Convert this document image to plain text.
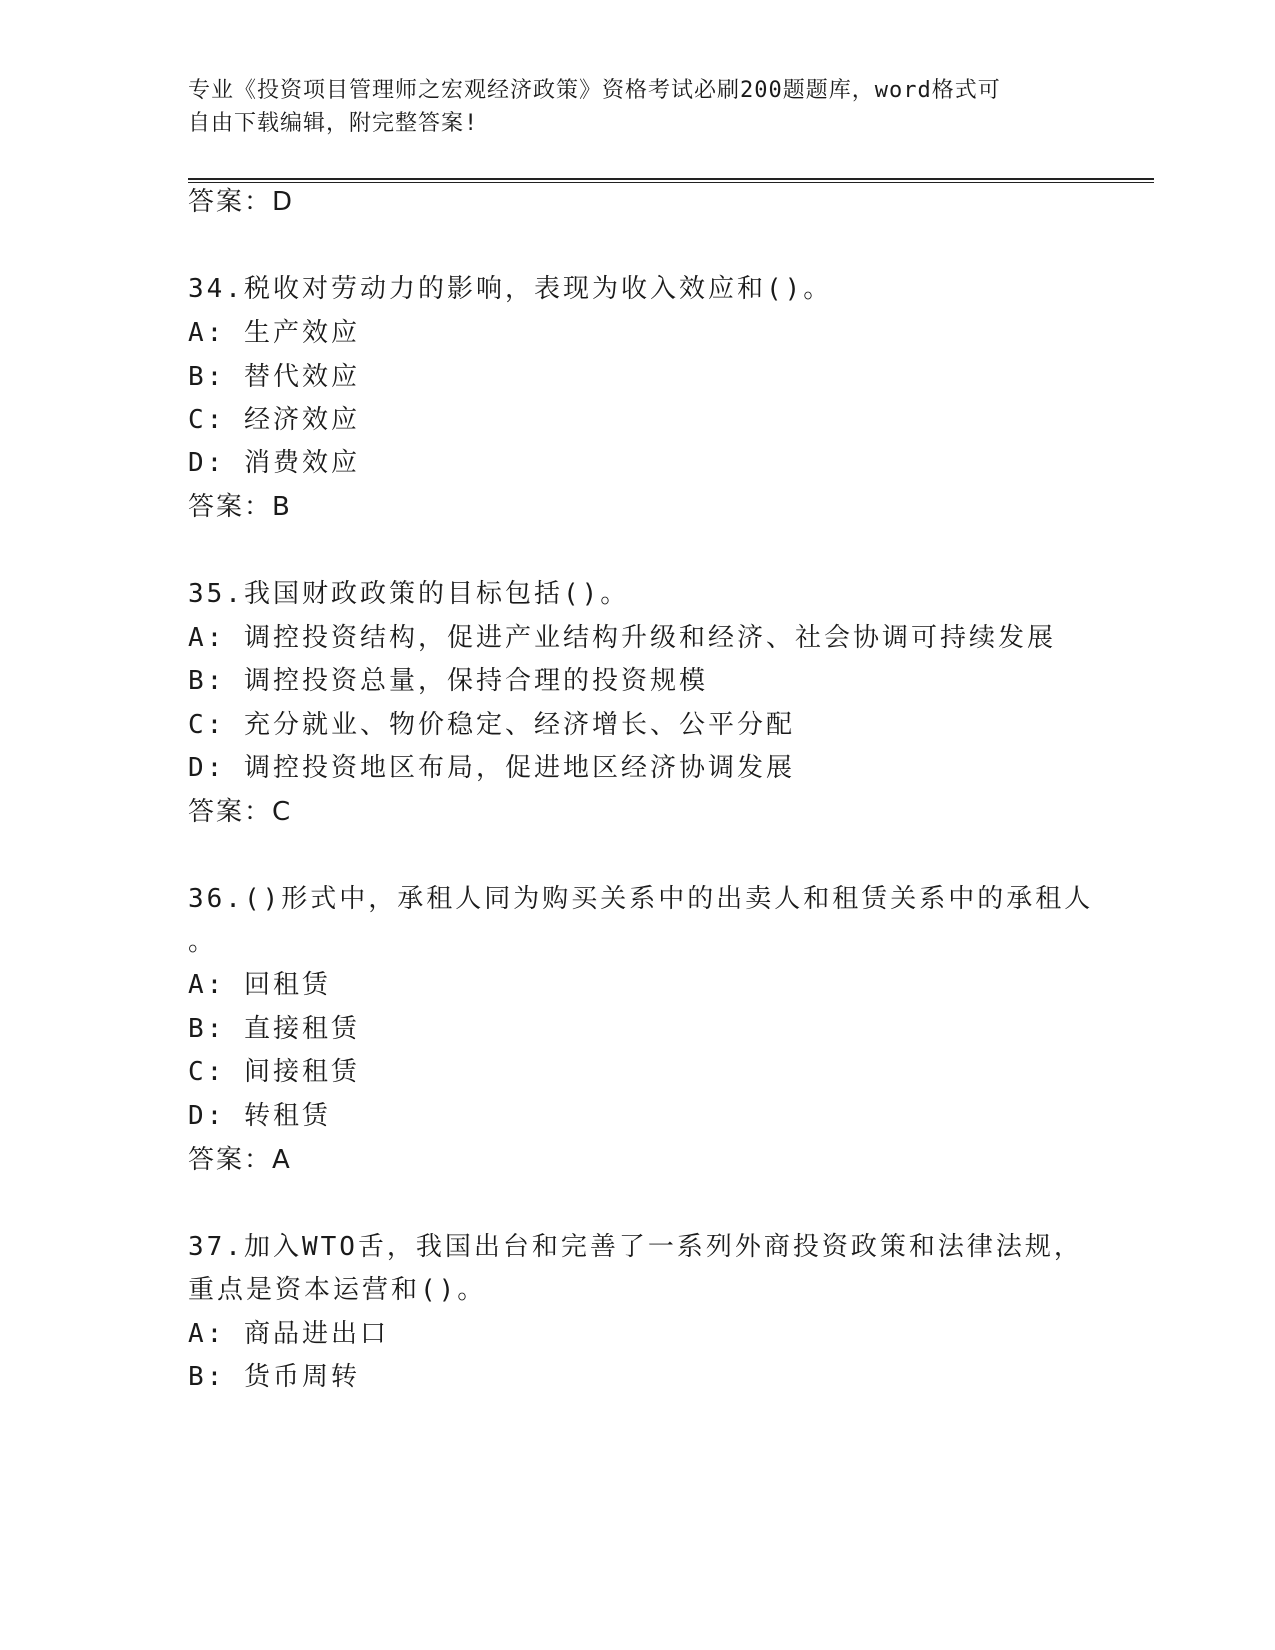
专业《投资项目管理师之宏观经济政策》资格考试必刷200题题库，word格式可
自由下载编辑，附完整答案!
答案：D
34.税收对劳动力的影响，表现为收入效应和()。
A: 生产效应
B: 替代效应
C: 经济效应
D: 消费效应
答案：B
35.我国财政政策的目标包括()。
A: 调控投资结构，促进产业结构升级和经济、社会协调可持续发展
B: 调控投资总量，保持合理的投资规模
C: 充分就业、物价稳定、经济增长、公平分配
D: 调控投资地区布局，促进地区经济协调发展
答案：C
36.()形式中，承租人同为购买关系中的出卖人和租赁关系中的承租人
。
A: 回租赁
B: 直接租赁
C: 间接租赁
D: 转租赁
答案：A
37.加入WTO舌，我国出台和完善了一系列外商投资政策和法律法规，
重点是资本运营和()。
A: 商品进出口
B: 货币周转
